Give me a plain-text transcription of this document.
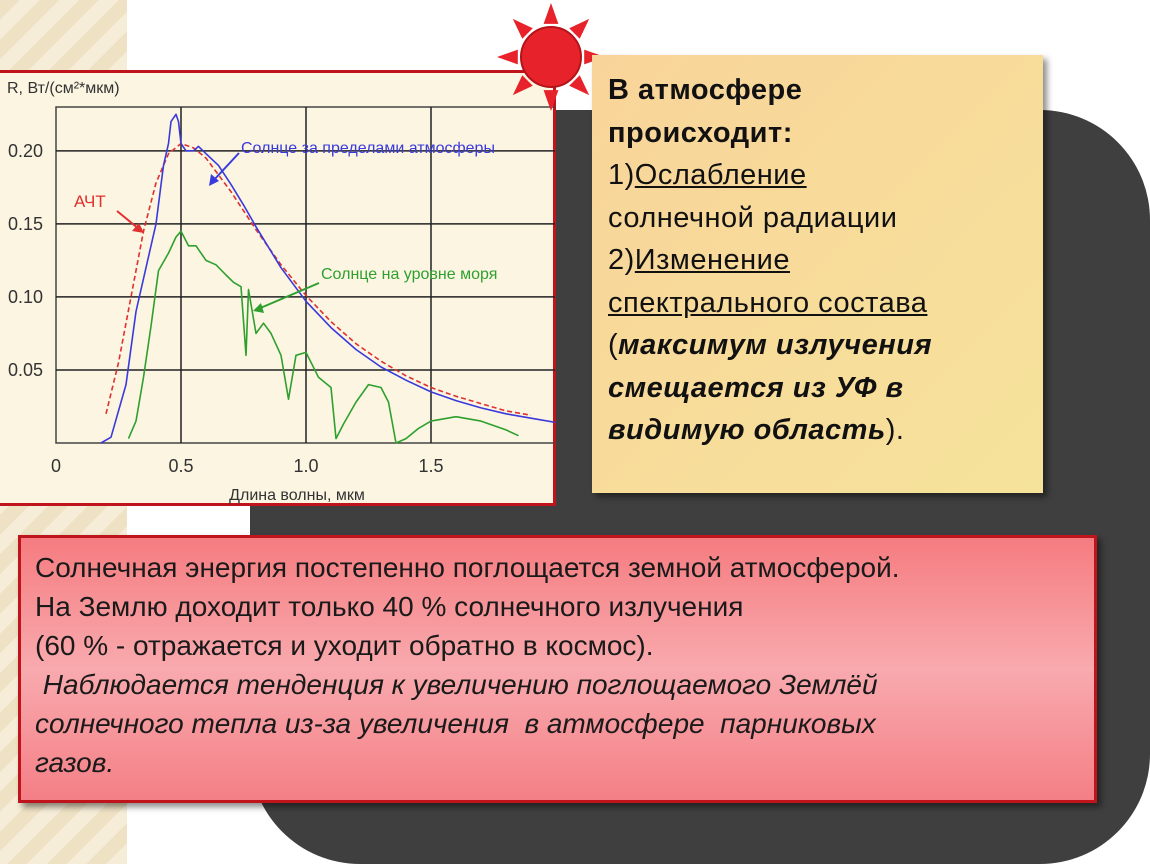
R, Вт/(см²*мкм)
Длина волны, мкм
0	0.5	1.0	1.5
0.05
0.10
0.15
0.20	Солнце за пределами атмосферы
АЧТ
Солнце на уровне моря
В атмосфере
происходит:
1)Ослабление
солнечной радиации
2)Изменение
спектрального состава
(максимум излучения
смещается из УФ в
видимую область).
Солнечная энергия постепенно поглощается земной атмосферой.
На Землю доходит только 40 % солнечного излучения
(60 % - отражается и уходит обратно в космос).
Наблюдается тенденция к увеличению поглощаемого Землёй
солнечного тепла из-за увеличения  в атмосфере  парниковых
газов.
